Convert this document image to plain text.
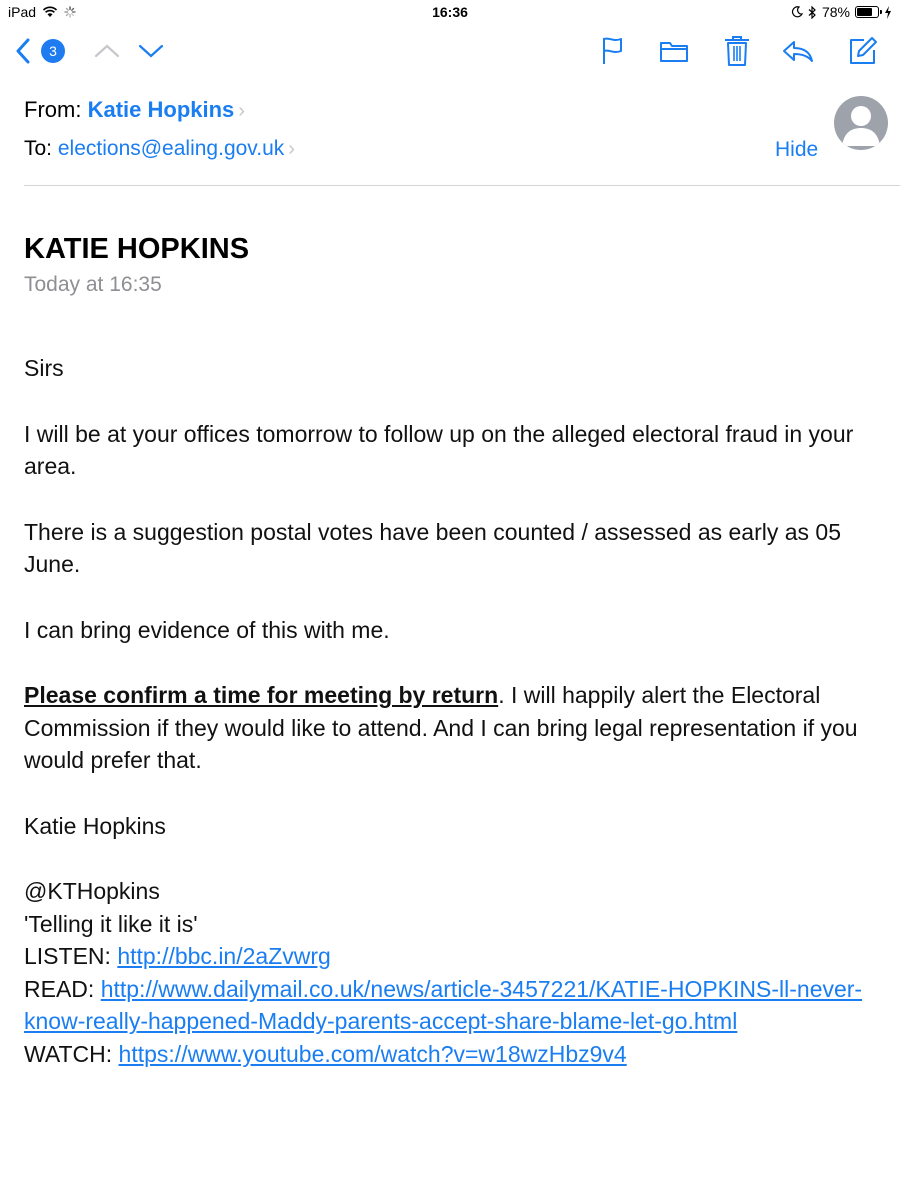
iPad	16:36	78%
3
From: Katie Hopkins ›
To: elections@ealing.gov.uk ›	Hide
KATIE HOPKINS
Today at 16:35

Sirs

I will be at your offices tomorrow to follow up on the alleged electoral fraud in your area.

There is a suggestion postal votes have been counted / assessed as early as 05 June.

I can bring evidence of this with me.

Please confirm a time for meeting by return. I will happily alert the Electoral Commission if they would like to attend. And I can bring legal representation if you would prefer that.

Katie Hopkins

@KTHopkins
'Telling it like it is'
LISTEN: http://bbc.in/2aZvwrg
READ: http://www.dailymail.co.uk/news/article-3457221/KATIE-HOPKINS-ll-never-know-really-happened-Maddy-parents-accept-share-blame-let-go.html
WATCH: https://www.youtube.com/watch?v=w18wzHbz9v4
